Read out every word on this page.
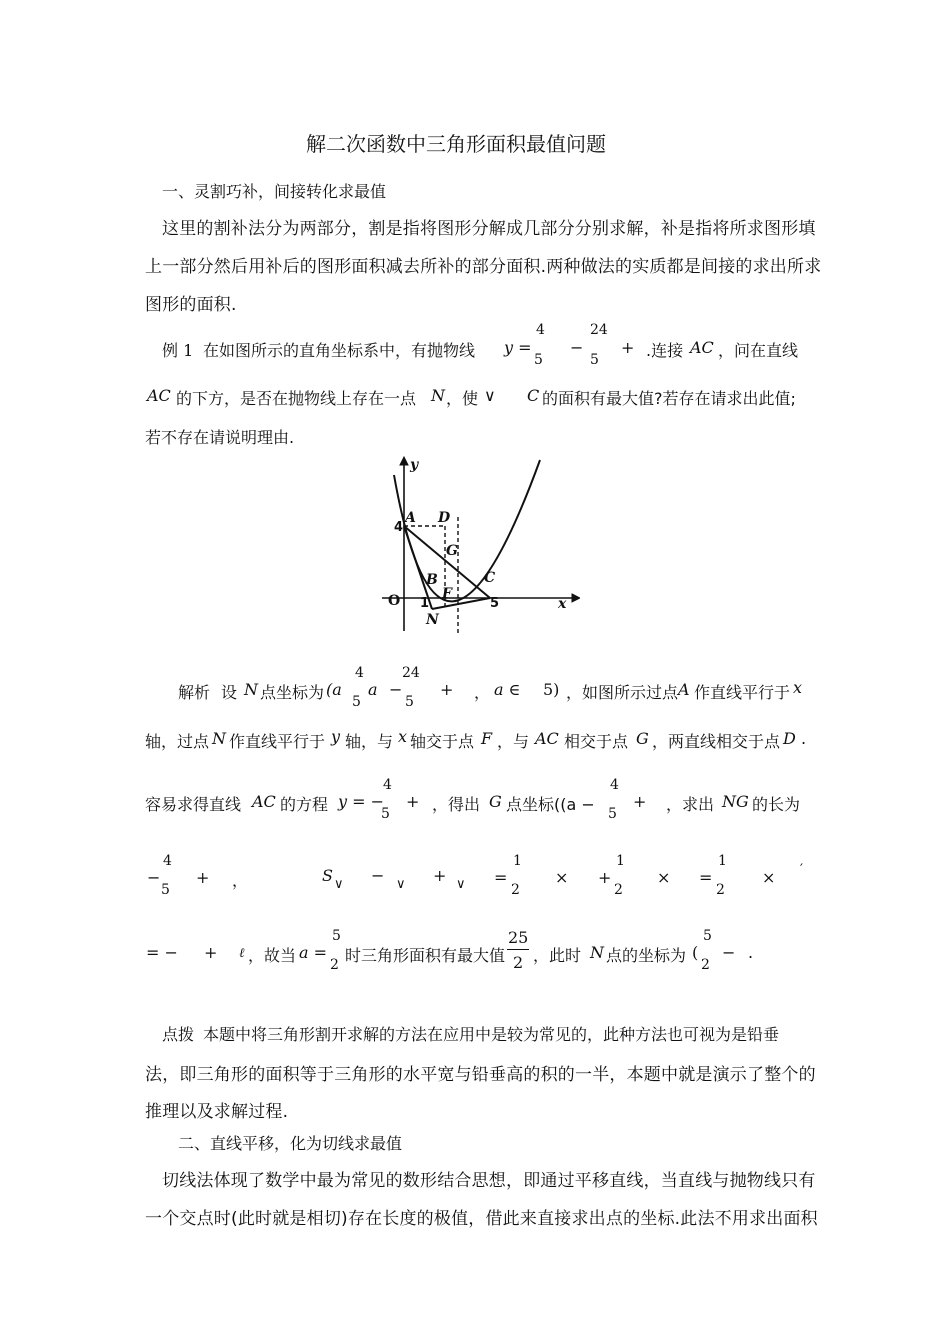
解二次函数中三角形面积最值问题
一、灵割巧补，间接转化求最值
这里的割补法分为两部分，割是指将图形分解成几部分分别求解，补是指将所求图形填
上一部分然后用补后的图形面积减去所补的部分面积.两种做法的实质都是间接的求出所求
图形的面积.
例 1 在如图所示的直角坐标系中，有抛物线 y =
4
5
−
24
5
+ .连接 AC ，问在直线
AC 的下方，是否在抛物线上存在一点 N ，使 ∨ C 的面积有最大值?若存在请求出此值;
若不存在请说明理由.
y
x
O
A D
G
B
F
C
N
4
1	5
解析 设 N 点坐标为 (a
4
5
a −
24
5
+ ， a ∈ 5) ，如图所示过点 A 作直线平行于 x
轴，过点 N 作直线平行于 y 轴，与 x 轴交于点 F ，与 AC 相交于点 G ，两直线相交于点 D .
容易求得直线 AC 的方程 y = −
4
5
+ ，得出 G 点坐标((a −
4
5
+ ，求出 NG 的长为
−
4
5
+ ，	S ∨ − ∨ + ∨ =
1
2
× +
1
2
× =
1
2
× ′
= − + ℓ ，故当 a =
5
2 时三角形面积有最大值
25
2 ，此时 N 点的坐标为 (
5
2
− .
点拨 本题中将三角形割开求解的方法在应用中是较为常见的，此种方法也可视为是铅垂
法，即三角形的面积等于三角形的水平宽与铅垂高的积的一半，本题中就是演示了整个的
推理以及求解过程.
二、直线平移，化为切线求最值
切线法体现了数学中最为常见的数形结合思想，即通过平移直线，当直线与抛物线只有
一个交点时(此时就是相切)存在长度的极值，借此来直接求出点的坐标.此法不用求出面积
